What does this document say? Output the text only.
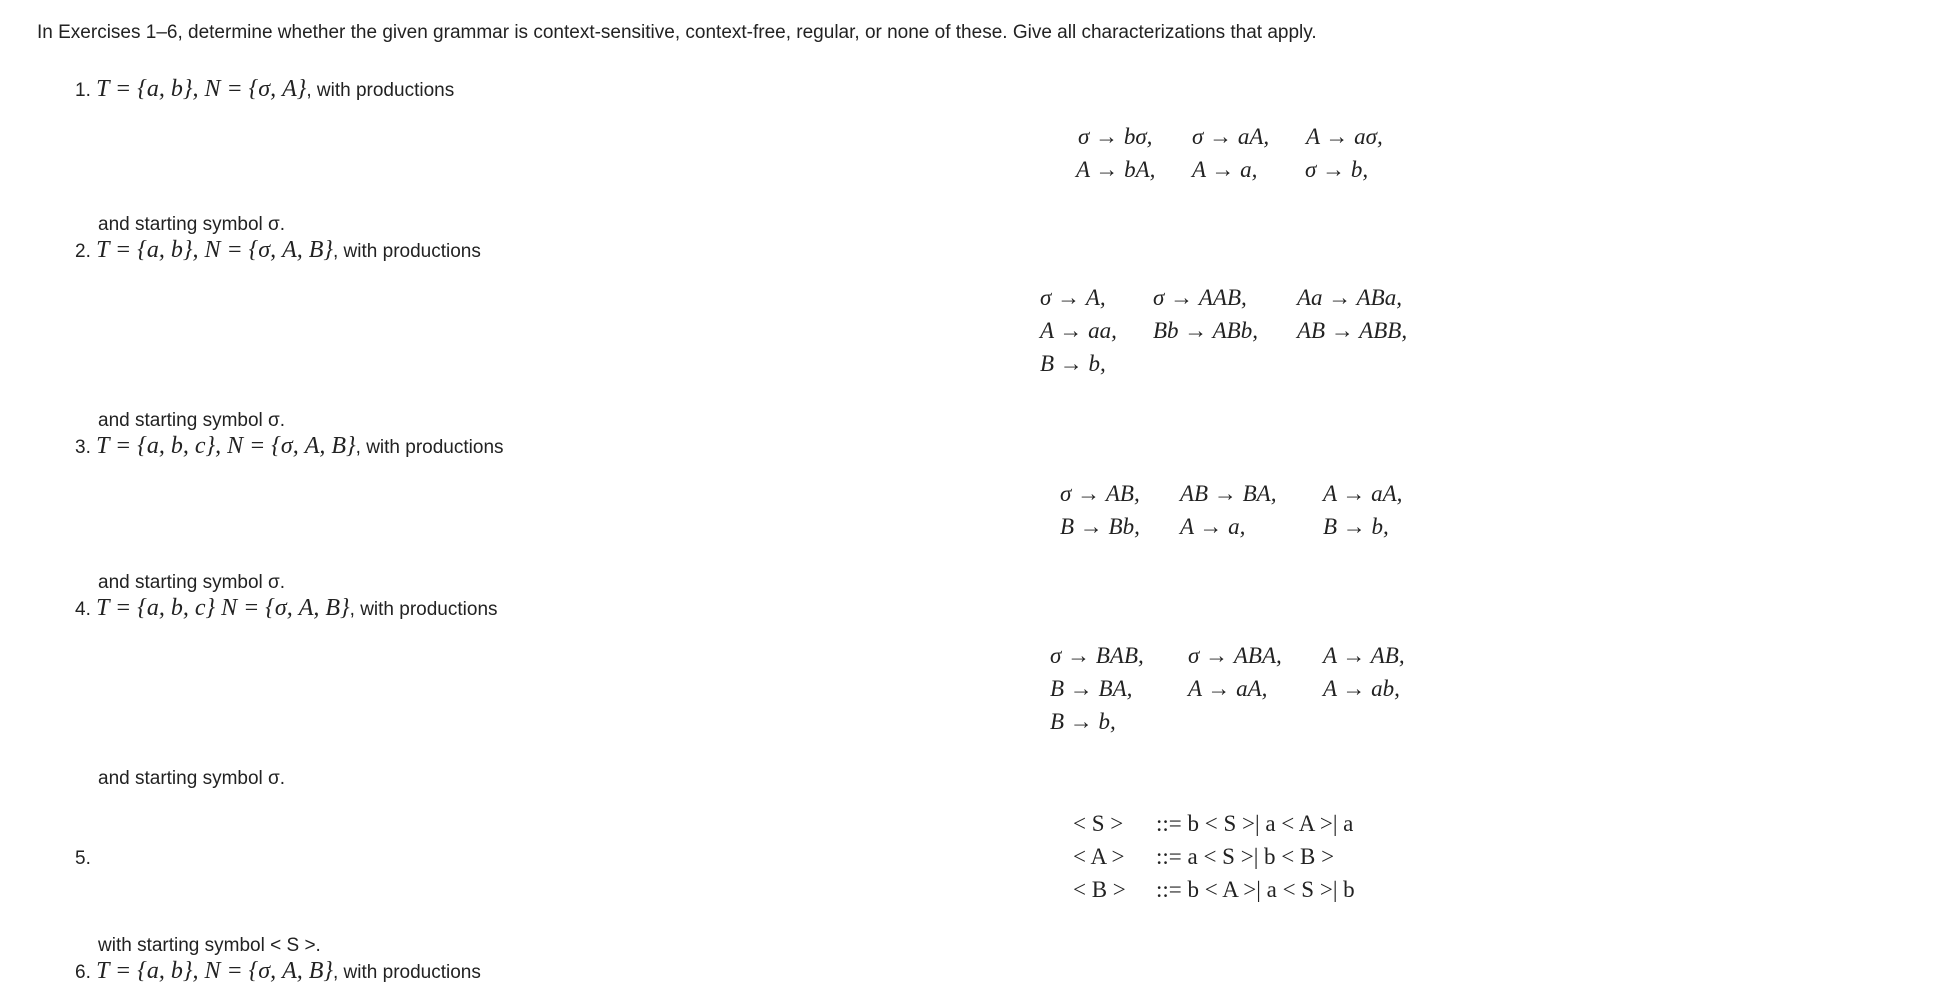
In Exercises 1–6, determine whether the given grammar is context-sensitive, context-free, regular, or none of these. Give all characterizations that apply.
1. T = {a, b}, N = {σ, A}, with productions
σ → bσ, σ → aA, A → aσ,
A → bA, A → a, σ → b,
and starting symbol σ.
2. T = {a, b}, N = {σ, A, B}, with productions
σ → A, σ → AAB, Aa → ABa,
A → aa, Bb → ABb, AB → ABB,
B → b,
and starting symbol σ.
3. T = {a, b, c}, N = {σ, A, B}, with productions
σ → AB, AB → BA, A → aA,
B → Bb, A → a,	B → b,
and starting symbol σ.
4. T = {a, b, c} N = {σ, A, B}, with productions
σ → BAB, σ → ABA, A → AB,
B → BA, A → aA, A → ab,
B → b,
and starting symbol σ.
5.
< S > ::= b < S >| a < A >| a
< A > ::= a < S >| b < B >
< B > ::= b < A >| a < S >| b
with starting symbol < S >.
6. T = {a, b}, N = {σ, A, B}, with productions
